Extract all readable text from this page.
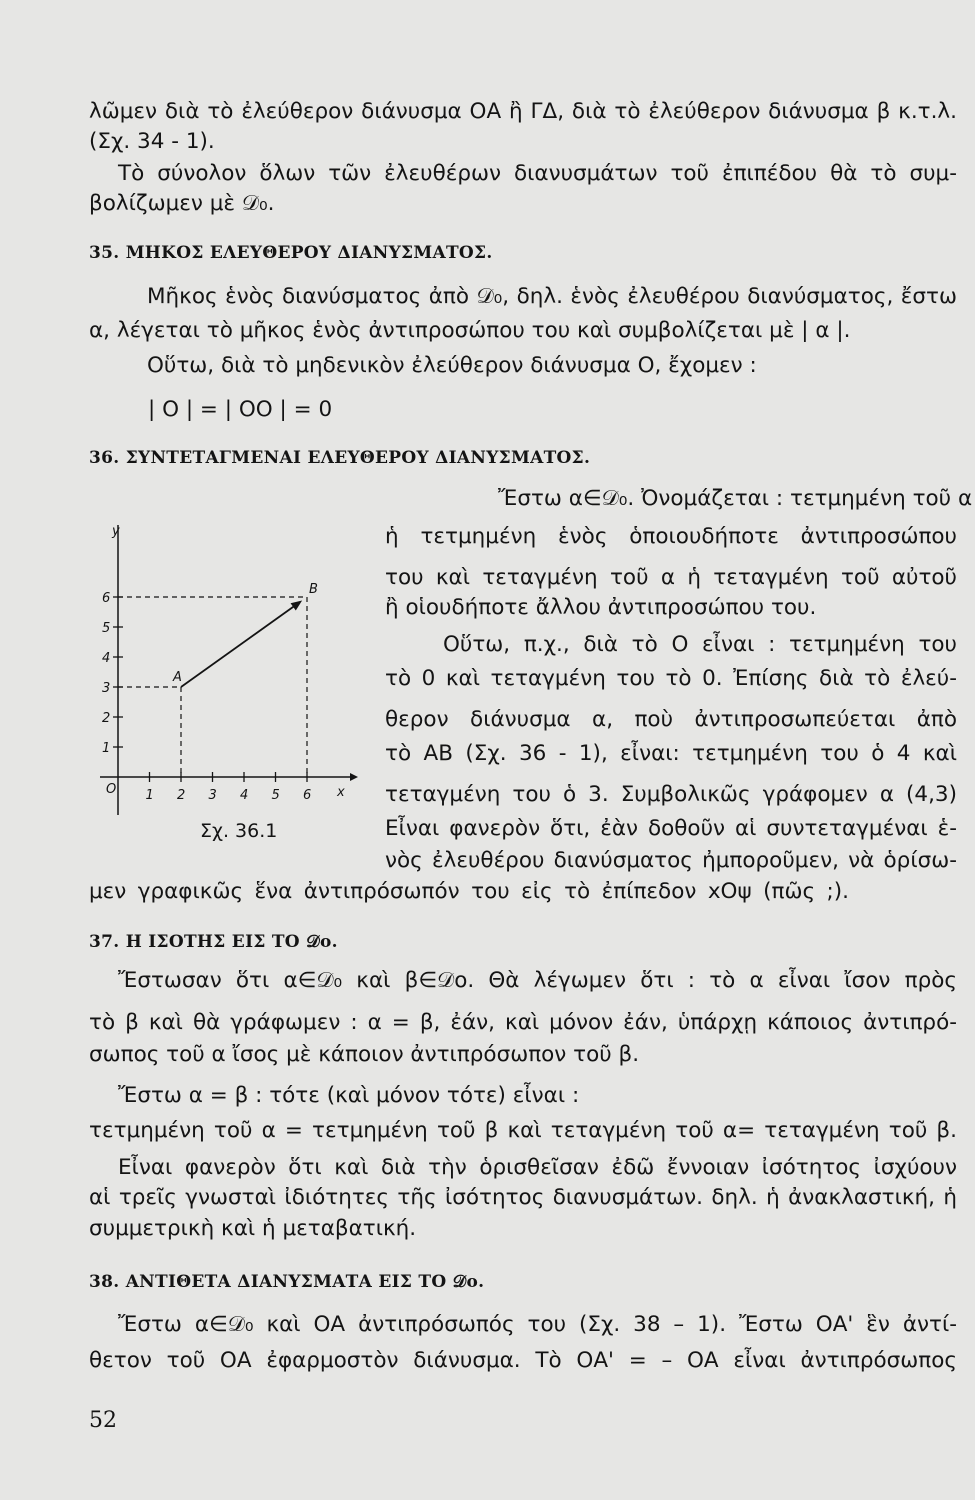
λῶμεν διὰ τὸ ἐλεύθερον διάνυσμα ΟΑ ἢ ΓΔ, διὰ τὸ ἐλεύθερον διάνυσμα β κ.τ.λ.
(Σχ. 34 - 1).
Τὸ σύνολον ὅλων τῶν ἐλευθέρων διανυσμάτων τοῦ ἐπιπέδου θὰ τὸ συμ-
βολίζωμεν μὲ 𝒟₀.
35. ΜΗΚΟΣ ΕΛΕΥΘΕΡΟΥ ΔΙΑΝΥΣΜΑΤΟΣ.
Μῆκος ἑνὸς διανύσματος ἀπὸ 𝒟₀, δηλ. ἑνὸς ἐλευθέρου διανύσματος, ἔστω
α, λέγεται τὸ μῆκος ἑνὸς ἀντιπροσώπου του καὶ συμβολίζεται μὲ | α |.
Οὕτω, διὰ τὸ μηδενικὸν ἐλεύθερον διάνυσμα Ο, ἔχομεν :
| Ο | = | ΟΟ | = 0
36. ΣΥΝΤΕΤΑΓΜΕΝΑΙ ΕΛΕΥΘΕΡΟΥ ΔΙΑΝΥΣΜΑΤΟΣ.
Ἔστω α∈𝒟₀. Ὀνομάζεται : τετμημένη τοῦ α
ἡ τετμημένη ἑνὸς ὁποιουδήποτε ἀντιπροσώπου
του καὶ τεταγμένη τοῦ α ἡ τεταγμένη τοῦ αὐτοῦ
ἢ οἱουδήποτε ἄλλου ἀντιπροσώπου του.
Οὕτω, π.χ., διὰ τὸ Ο εἶναι : τετμημένη του
τὸ 0 καὶ τεταγμένη του τὸ 0. Ἐπίσης διὰ τὸ ἐλεύ-
θερον διάνυσμα α, ποὺ ἀντιπροσωπεύεται ἀπὸ
τὸ ΑΒ (Σχ. 36 - 1), εἶναι: τετμημένη του ὁ 4 καὶ
τεταγμένη του ὁ 3. Συμβολικῶς γράφομεν α (4,3)
Εἶναι φανερὸν ὅτι, ἐὰν δοθοῦν αἱ συντεταγμέναι ἑ-
νὸς ἐλευθέρου διανύσματος ἠμποροῦμεν, νὰ ὁρίσω-
μεν γραφικῶς ἕνα ἀντιπρόσωπόν του εἰς τὸ ἐπίπεδον xOψ (πῶς ;).
1 2 3 4 5 6
1
2
3
4
5
6
A
B
y
x
O
Σχ. 36.1
37. Η ΙΣΟΤΗΣ ΕΙΣ ΤΟ 𝒟ο.
Ἔστωσαν ὅτι α∈𝒟₀ καὶ β∈𝒟ο. Θὰ λέγωμεν ὅτι : τὸ α εἶναι ἴσον πρὸς
τὸ β καὶ θὰ γράφωμεν : α = β, ἐάν, καὶ μόνον ἐάν, ὑπάρχῃ κάποιος ἀντιπρό-
σωπος τοῦ α ἴσος μὲ κάποιον ἀντιπρόσωπον τοῦ β.
Ἔστω α = β : τότε (καὶ μόνον τότε) εἶναι :
τετμημένη τοῦ α = τετμημένη τοῦ β καὶ τεταγμένη τοῦ α= τεταγμένη τοῦ β.
Εἶναι φανερὸν ὅτι καὶ διὰ τὴν ὁρισθεῖσαν ἐδῶ ἔννοιαν ἰσότητος ἰσχύουν
αἱ τρεῖς γνωσταὶ ἰδιότητες τῆς ἰσότητος διανυσμάτων. δηλ. ἡ ἀνακλαστική, ἡ
συμμετρικὴ καὶ ἡ μεταβατική.
38. ΑΝΤΙΘΕΤΑ ΔΙΑΝΥΣΜΑΤΑ ΕΙΣ ΤΟ 𝒟ο.
Ἔστω α∈𝒟₀ καὶ ΟΑ ἀντιπρόσωπός του (Σχ. 38 – 1). Ἔστω ΟΑ' ἓν ἀντί-
θετον τοῦ ΟΑ ἐφαρμοστὸν διάνυσμα. Τὸ ΟΑ' = – ΟΑ εἶναι ἀντιπρόσωπος
52
